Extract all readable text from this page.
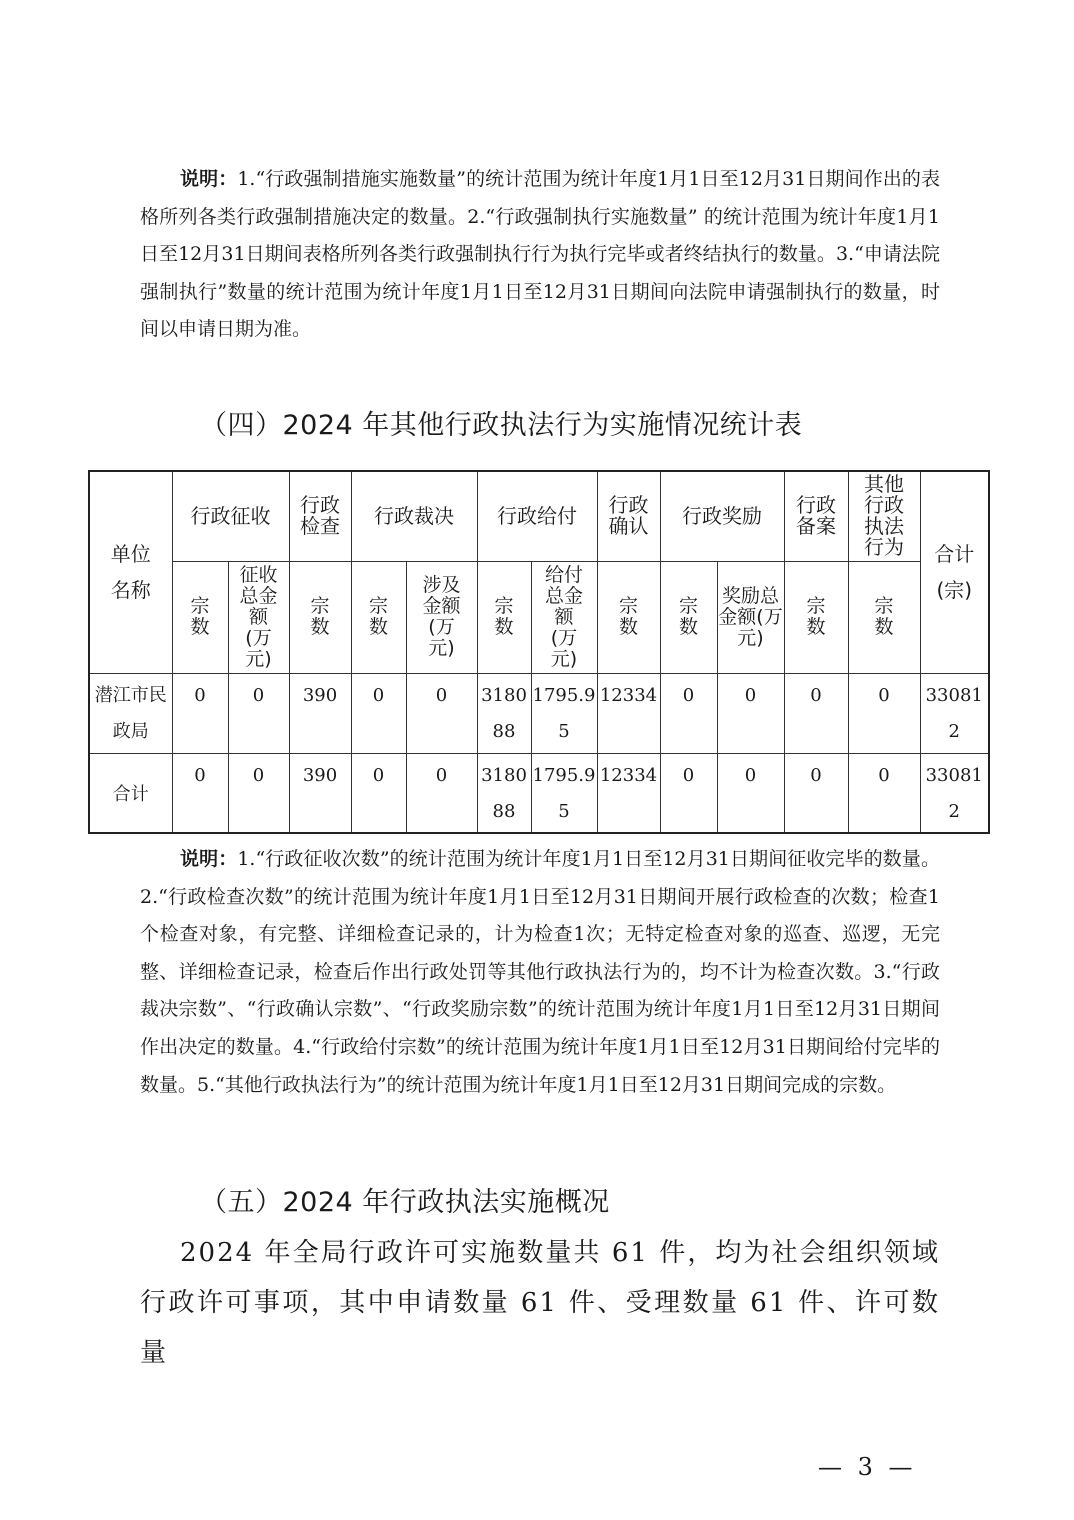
说明：1.“行政强制措施实施数量”的统计范围为统计年度1月1日至12月31日期间作出的表格所列各类行政强制措施决定的数量。2.“行政强制执行实施数量” 的统计范围为统计年度1月1日至12月31日期间表格所列各类行政强制执行行为执行完毕或者终结执行的数量。3.“申请法院强制执行”数量的统计范围为统计年度1月1日至12月31日期间向法院申请强制执行的数量，时间以申请日期为准。
（四）2024 年其他行政执法行为实施情况统计表
单位名称	行政征收		行政检查	行政裁决		行政给付		行政确认	行政奖励		行政备案	其他行政执法行为	合计(宗)
	宗数	征收总金额(万元)	宗数	宗数	涉及金额(万元)	宗数	给付总金额(万元)	宗数	宗数	奖励总金额(万元)	宗数	宗数	
潜江市民政局	0	0	390	0	0	318088	1795.95	12334	0	0	0	0	330812
合计	0	0	390	0	0	318088	1795.95	12334	0	0	0	0	330812
说明：1.“行政征收次数”的统计范围为统计年度1月1日至12月31日期间征收完毕的数量。2.“行政检查次数”的统计范围为统计年度1月1日至12月31日期间开展行政检查的次数；检查1个检查对象，有完整、详细检查记录的，计为检查1次；无特定检查对象的巡查、巡逻，无完整、详细检查记录，检查后作出行政处罚等其他行政执法行为的，均不计为检查次数。3.“行政裁决宗数”、“行政确认宗数”、“行政奖励宗数”的统计范围为统计年度1月1日至12月31日期间作出决定的数量。4.“行政给付宗数”的统计范围为统计年度1月1日至12月31日期间给付完毕的数量。5.“其他行政执法行为”的统计范围为统计年度1月1日至12月31日期间完成的宗数。
（五）2024 年行政执法实施概况
2024 年全局行政许可实施数量共 61 件，均为社会组织领域行政许可事项，其中申请数量 61 件、受理数量 61 件、许可数量
— 3 —
